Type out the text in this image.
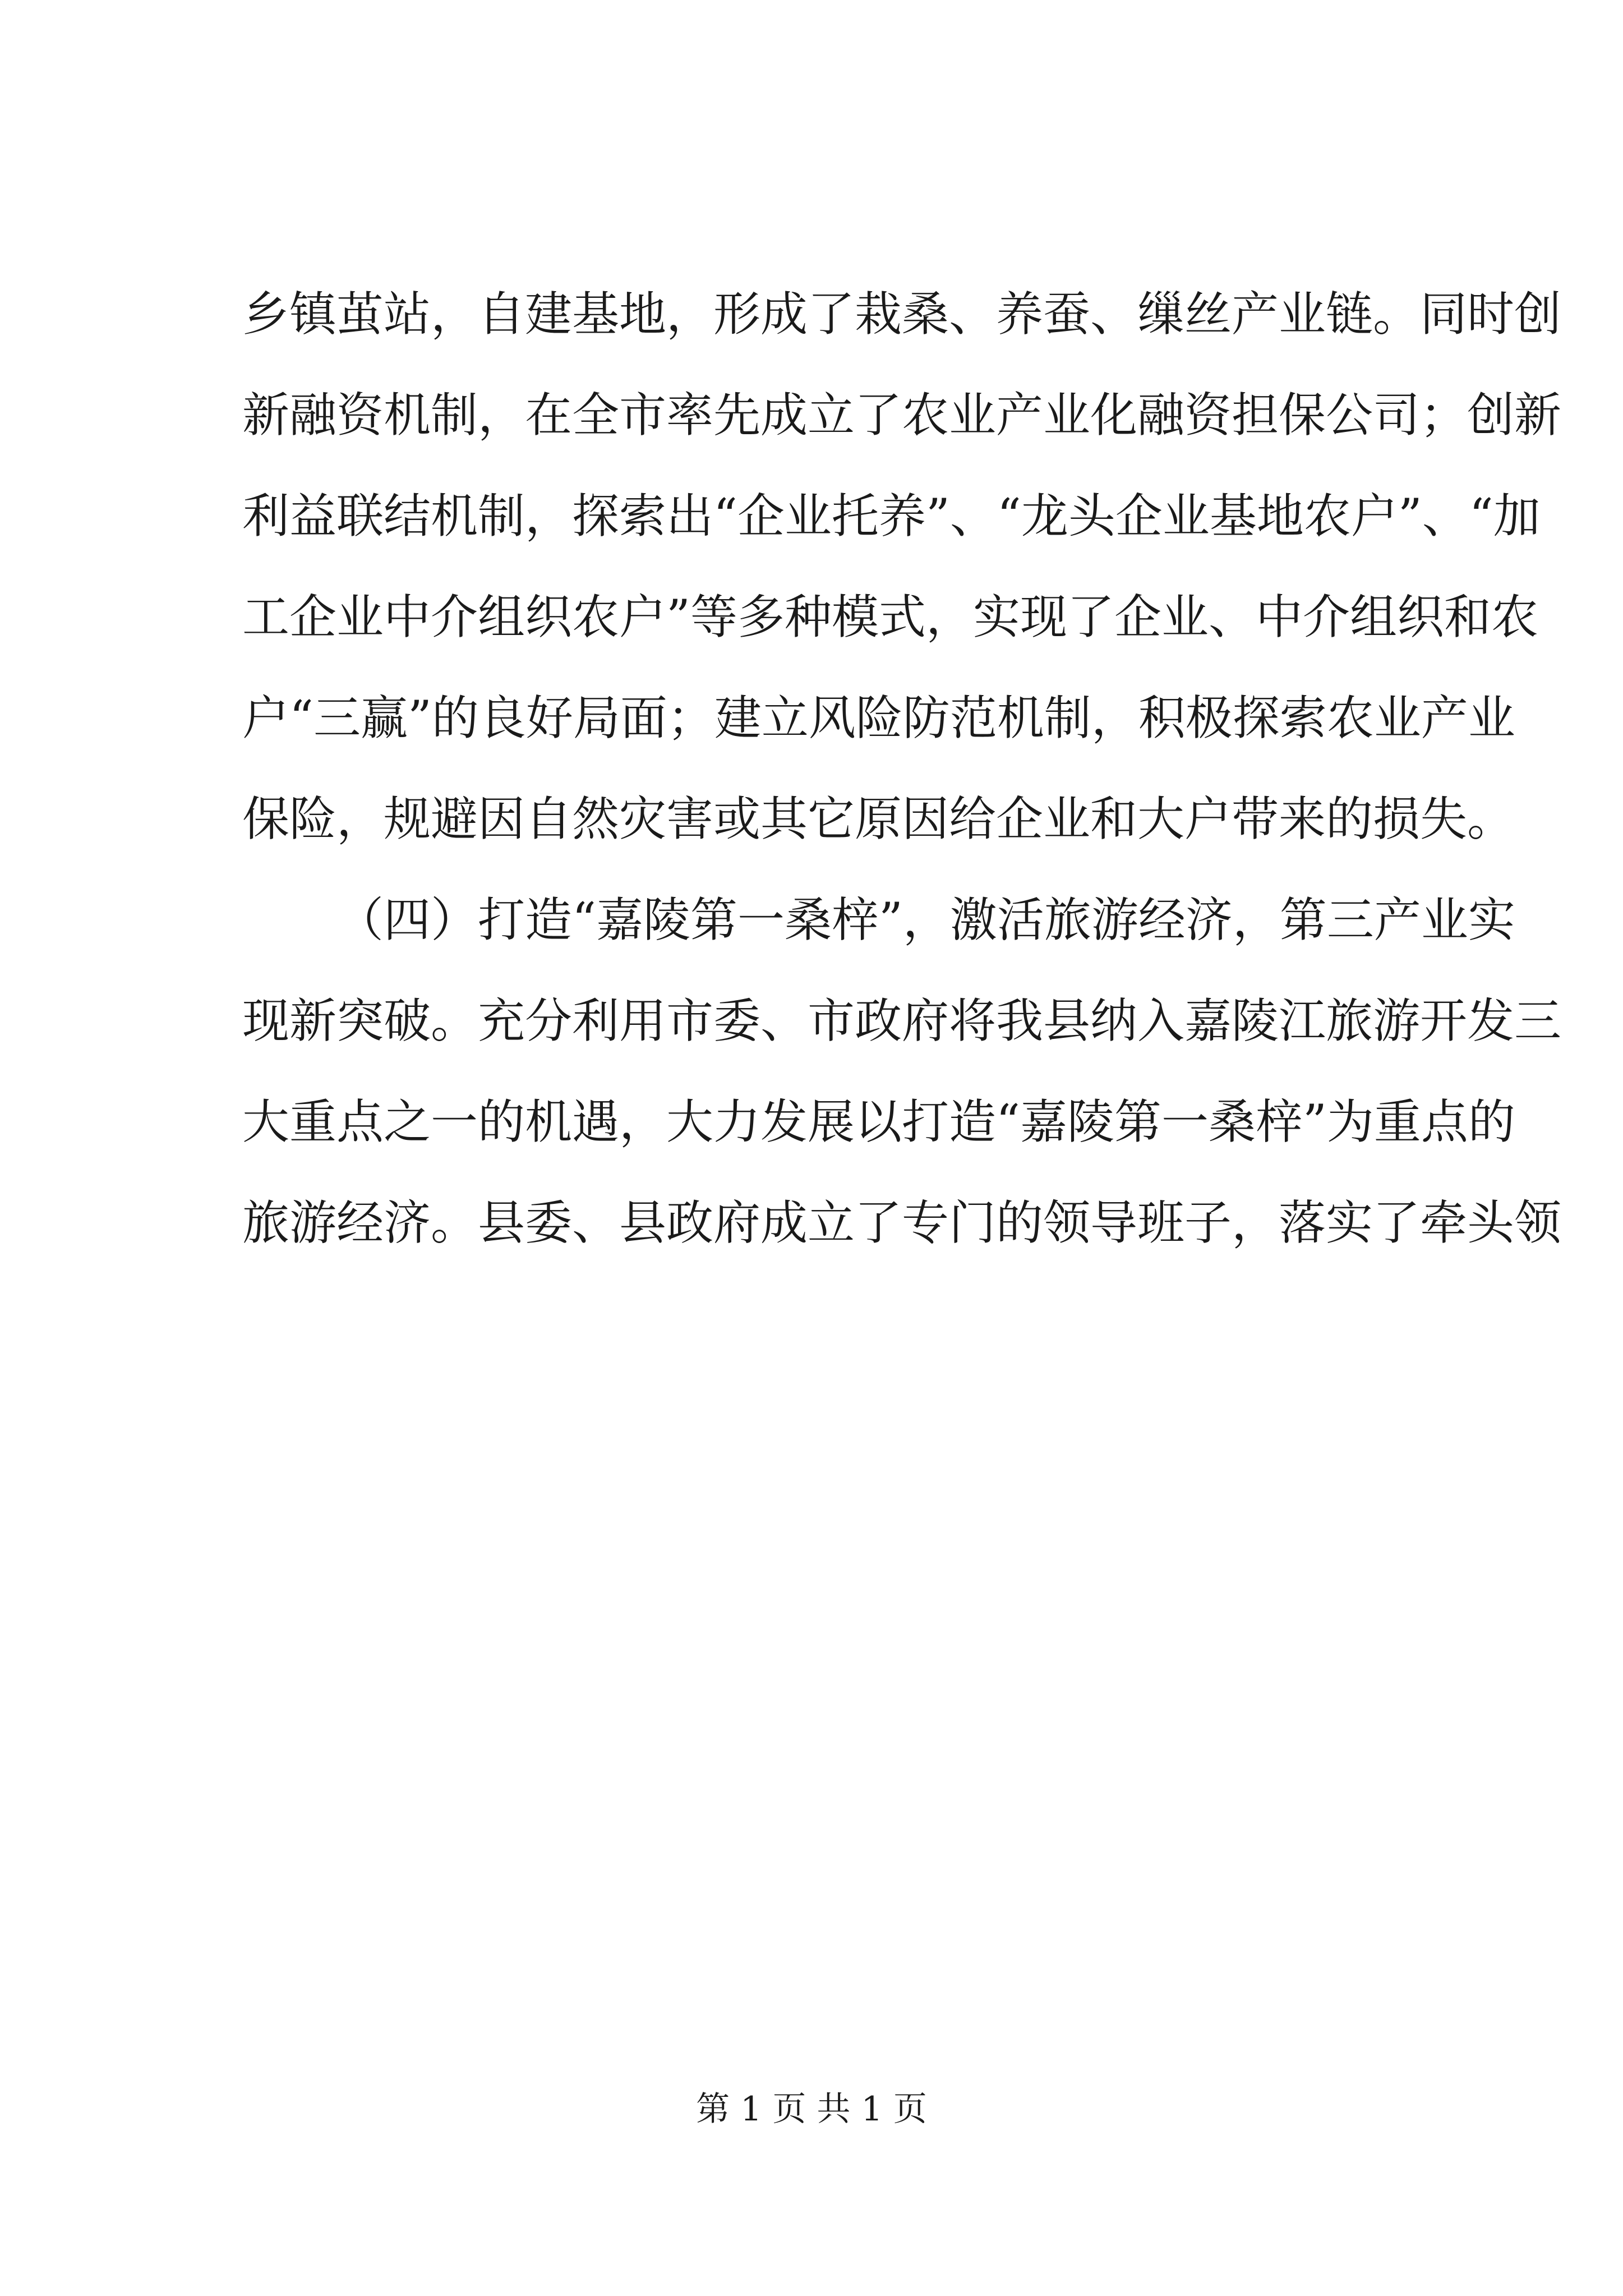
乡镇茧站，自建基地，形成了栽桑、养蚕、缫丝产业链。同时创
新融资机制，在全市率先成立了农业产业化融资担保公司；创新
利益联结机制，探索出“企业托养”、“龙头企业基地农户”、“加
工企业中介组织农户”等多种模式，实现了企业、中介组织和农
户“三赢”的良好局面；建立风险防范机制，积极探索农业产业
保险，规避因自然灾害或其它原因给企业和大户带来的损失。
（四）打造“嘉陵第一桑梓”，激活旅游经济，第三产业实
现新突破。充分利用市委、市政府将我县纳入嘉陵江旅游开发三
大重点之一的机遇，大力发展以打造“嘉陵第一桑梓”为重点的
旅游经济。县委、县政府成立了专门的领导班子，落实了牵头领
第 1 页 共 1 页
